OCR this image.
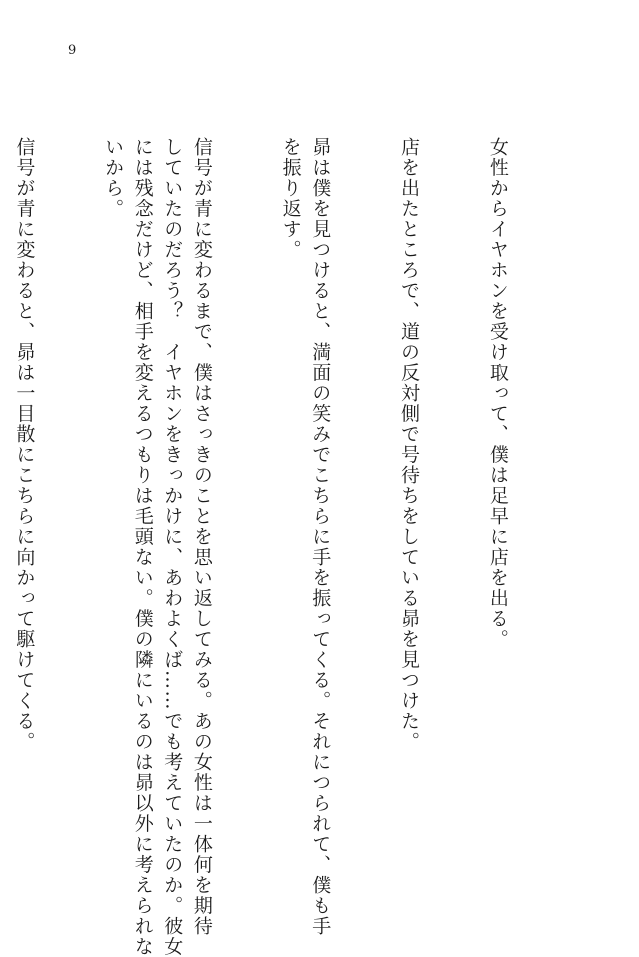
9

女性からイヤホンを受け取って、僕は足早に店を出る。

店を出たところで、道の反対側で号待ちをしている昴を見つけた。

昴は僕を見つけると、満面の笑みでこちらに手を振ってくる。それにつられて、僕も手
を振り返す。

信号が青に変わるまで、僕はさっきのことを思い返してみる。あの女性は一体何を期待
していたのだろう？　イヤホンをきっかけに、あわよくば……でも考えていたのか。彼女
には残念だけど、相手を変えるつもりは毛頭ない。僕の隣にいるのは昴以外に考えられな
いから。

信号が青に変わると、昴は一目散にこちらに向かって駆けてくる。
